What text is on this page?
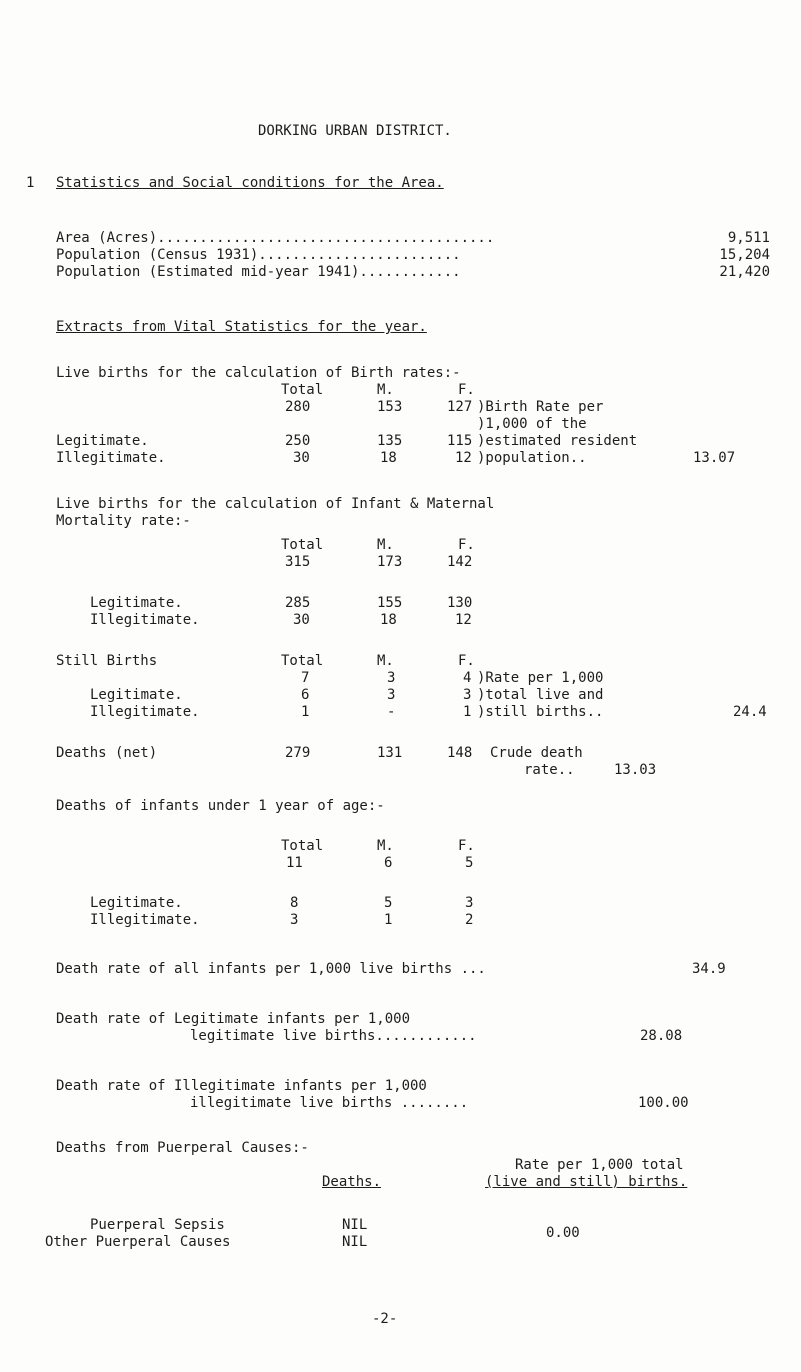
DORKING URBAN DISTRICT.
1 Statistics and Social conditions for the Area.
Area (Acres)........................................	9,511
Population (Census 1931)........................	15,204
Population (Estimated mid-year 1941)............	21,420
Extracts from Vital Statistics for the year.
Live births for the calculation of Birth rates:-
Total	M.	F.
280	153	127 )Birth Rate per
)1,000 of the
Legitimate.	250	135	115 )estimated resident
Illegitimate.	30	18	12 )population..	13.07
Live births for the calculation of Infant & Maternal
Mortality rate:-
Total	M.	F.
315	173	142
Legitimate.	285	155	130
Illegitimate.	30	18	12
Still Births	Total	M.	F.
7	3	4 )Rate per 1,000
Legitimate.	6	3	3 )total live and
Illegitimate.	1	-	1 )still births..	24.4
Deaths (net)	279	131	148 Crude death
rate..	13.03
Deaths of infants under 1 year of age:-
Total	M.	F.
11	6	5
Legitimate.	8	5	3
Illegitimate.	3	1	2
Death rate of all infants per 1,000 live births ...	34.9
Death rate of Legitimate infants per 1,000
legitimate live births............	28.08
Death rate of Illegitimate infants per 1,000
illegitimate live births ........	100.00
Deaths from Puerperal Causes:-
Rate per 1,000 total
Deaths.	(live and still) births.
Puerperal Sepsis	NIL
Other Puerperal Causes	NIL
0.00
-2-
